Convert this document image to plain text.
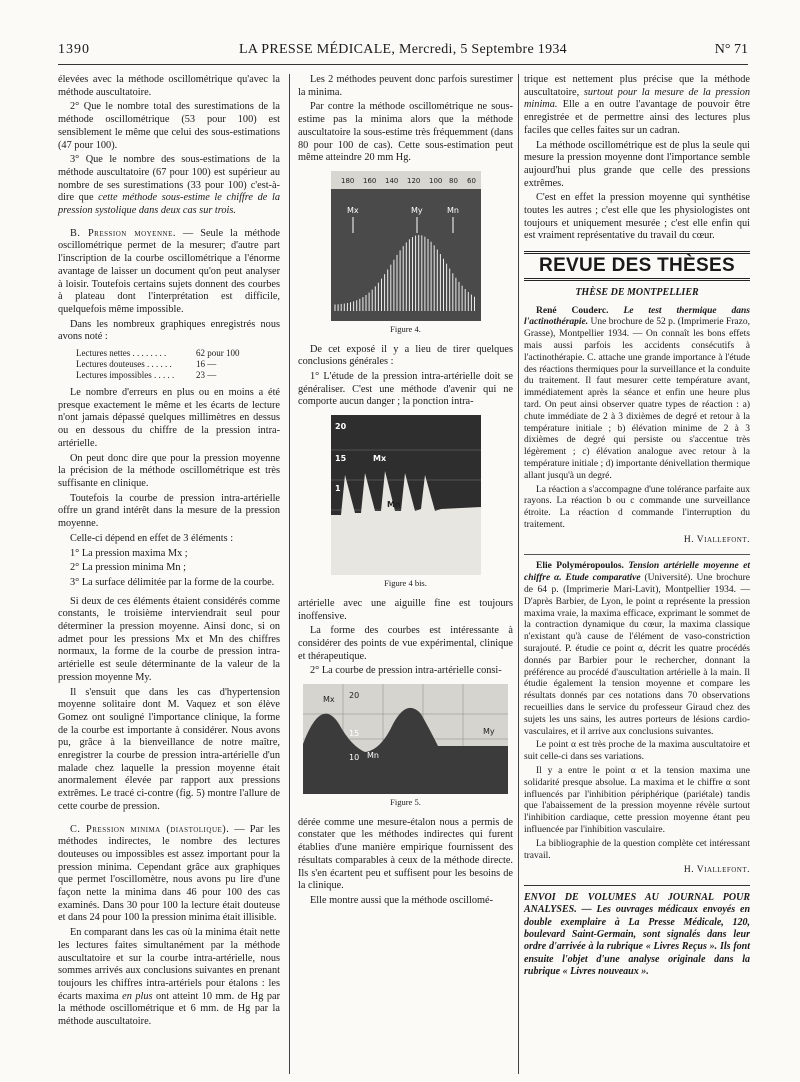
1390	LA PRESSE MÉDICALE, Mercredi, 5 Septembre 1934	N° 71

élevées avec la méthode oscillométrique qu'avec la méthode auscultatoire.

2° Que le nombre total des surestimations de la méthode oscillométrique (53 pour 100) est sensiblement le même que celui des sous-estimations (47 pour 100).

3° Que le nombre des sous-estimations de la méthode auscultatoire (67 pour 100) est supérieur au nombre de ses surestimations (33 pour 100) c'est-à-dire que cette méthode sous-estime le chiffre de la pression systolique dans deux cas sur trois.

B. Pression moyenne. — Seule la méthode oscillométrique permet de la mesurer; d'autre part l'inscription de la courbe oscillométrique a l'énorme avantage de laisser un document qu'on peut analyser à loisir. Toutefois certains sujets donnent des courbes à plateau dont l'interprétation est difficile, quelquefois même impossible.

Dans les nombreux graphiques enregistrés nous avons noté :

Lectures nettes . . . . . . . .	62 pour 100
Lectures douteuses . . . . . .	16 —
Lectures impossibles . . . . .	23 —

Le nombre d'erreurs en plus ou en moins a été presque exactement le même et les écarts de lecture n'ont jamais dépassé quelques millimètres en dessus ou en dessous du chiffre de la pression intra-artérielle.

On peut donc dire que pour la pression moyenne la précision de la méthode oscillométrique est très suffisante en clinique.

Toutefois la courbe de pression intra-artérielle offre un grand intérêt dans la mesure de la pression moyenne.

Celle-ci dépend en effet de 3 éléments :

1° La pression maxima Mx ;

2° La pression minima Mn ;

3° La surface délimitée par la forme de la courbe.

Si deux de ces éléments étaient considérés comme constants, le troisième interviendrait seul pour déterminer la pression moyenne. Ainsi donc, si on admet pour les pressions Mx et Mn des chiffres normaux, la forme de la courbe de pression intra-artérielle est seule déterminante de la valeur de la pression moyenne My.

Il s'ensuit que dans les cas d'hypertension moyenne solitaire dont M. Vaquez et son élève Gomez ont souligné l'importance clinique, la forme de la courbe est importante à considérer. Nous avons pu, grâce à la bienveillance de notre maître, enregistrer la courbe de pression intra-artérielle d'un malade chez laquelle la pression moyenne était anormalement élevée par rapport aux pressions extrêmes. Le tracé ci-contre (fig. 5) montre l'allure de cette courbe de pression.

C. Pression minima (diastolique). — Par les méthodes indirectes, le nombre des lectures douteuses ou impossibles est assez important pour la pression minima. Cependant grâce aux graphiques que permet l'oscillomètre, nous avons pu lire d'une façon nette la minima dans 46 pour 100 des cas examinés. Dans 30 pour 100 la lecture était douteuse et dans 24 pour 100 la pression minima était illisible.

En comparant dans les cas où la minima était nette les lectures faites simultanément par la méthode auscultatoire et sur la courbe intra-artérielle, nous sommes arrivés aux conclusions suivantes en prenant toujours les chiffres intra-artériels pour étalons : les écarts maxima en plus ont atteint 10 mm. de Hg par la méthode oscillométrique et 6 mm. de Hg par la méthode auscultatoire.

Les 2 méthodes peuvent donc parfois surestimer la minima.

Par contre la méthode oscillométrique ne sous-estime pas la minima alors que la méthode auscultatoire la sous-estime très fréquemment (dans 80 pour 100 de cas). Cette sous-estimation peut même atteindre 20 mm Hg.

180 160 140 120 100 80 60
Mx	My	Mn
Figure 4.

De cet exposé il y a lieu de tirer quelques conclusions générales :

1° L'étude de la pression intra-artérielle doit se généraliser. C'est une méthode d'avenir qui ne comporte aucun danger ; la ponction intra-

20
15
1
Mx
Mn
Figure 4 bis.

artérielle avec une aiguille fine est toujours inoffensive.

La forme des courbes est intéressante à considérer des points de vue expérimental, clinique et thérapeutique.

2° La courbe de pression intra-artérielle consi-

Mx 20
15
10 Mn
My
Figure 5.

dérée comme une mesure-étalon nous a permis de constater que les méthodes indirectes qui furent établies d'une manière empirique fournissent des résultats comparables à ceux de la méthode directe. Ils s'en écartent peu et suffisent pour les besoins de la clinique.

Elle montre aussi que la méthode oscillomé-

trique est nettement plus précise que la méthode auscultatoire, surtout pour la mesure de la pression minima. Elle a en outre l'avantage de pouvoir être enregistrée et de permettre ainsi des lectures plus faciles que celles faites sur un cadran.

La méthode oscillométrique est de plus la seule qui mesure la pression moyenne dont l'importance semble aujourd'hui plus grande que celle des pressions extrêmes.

C'est en effet la pression moyenne qui synthétise toutes les autres ; c'est elle que les physiologistes ont toujours et uniquement mesurée ; c'est elle enfin qui est vraiment représentative du travail du cœur.

REVUE DES THÈSES
THÈSE DE MONTPELLIER

René Couderc. Le test thermique dans l'actinothérapie. Une brochure de 52 p. (Imprimerie Frazo, Grasse), Montpellier 1934. — On connaît les bons effets mais aussi parfois les accidents consécutifs à l'actinothérapie. C. attache une grande importance à l'étude des réactions thermiques pour la surveillance et la conduite du traitement. Il faut mesurer cette température avant, immédiatement après la séance et enfin une heure plus tard. On peut ainsi observer quatre types de réaction : a) chute immédiate de 2 à 3 dixièmes de degré et retour à la température initiale ; b) élévation minime de 2 à 3 dixièmes de degré qui persiste ou s'accentue très légèrement ; c) élévation analogue avec retour à la température initiale ; d) importante dénivellation thermique allant jusqu'à un degré.

La réaction a s'accompagne d'une tolérance parfaite aux rayons. La réaction b ou c commande une surveillance étroite. La réaction d commande l'interruption du traitement.

H. Viallefont.

Elie Polyméropoulos. Tension artérielle moyenne et chiffre α. Etude comparative (Université). Une brochure de 64 p. (Imprimerie Mari-Lavit), Montpellier 1934. — D'après Barbier, de Lyon, le point α représente la pression maxima vraie, la maxima efficace, exprimant le sommet de la contraction dynamique du cœur, la maxima classique n'existant qu'à cause de l'élément de vaso-constriction surajouté. P. étudie ce point α, décrit les quatre procédés donnés par Barbier pour le rechercher, donnant la préférence au procédé d'auscultation artérielle à la main. Il étudie également la tension moyenne et compare les résultats donnés par ces notations dans 70 observations recueillies dans le service du professeur Giraud chez des sujets les uns sains, les autres porteurs de lésions cardio-vasculaires, et il arrive aux conclusions suivantes.

Le point α est très proche de la maxima auscultatoire et suit celle-ci dans ses variations.

Il y a entre le point α et la tension maxima une solidarité presque absolue. La maxima et le chiffre α sont influencés par l'inhibition périphérique (pariétale) tandis que l'abaissement de la pression moyenne révèle surtout l'inhibition cardiaque, cette pression moyenne étant peu influencée par l'inhibition vasculaire.

La bibliographie de la question complète cet intéressant travail.

H. Viallefont.
ENVOI DE VOLUMES AU JOURNAL POUR ANALYSES. — Les ouvrages médicaux envoyés en double exemplaire à La Presse Médicale, 120, boulevard Saint-Germain, sont signalés dans leur ordre d'arrivée à la rubrique « Livres Reçus ». Ils font ensuite l'objet d'une analyse originale dans la rubrique « Livres nouveaux ».
